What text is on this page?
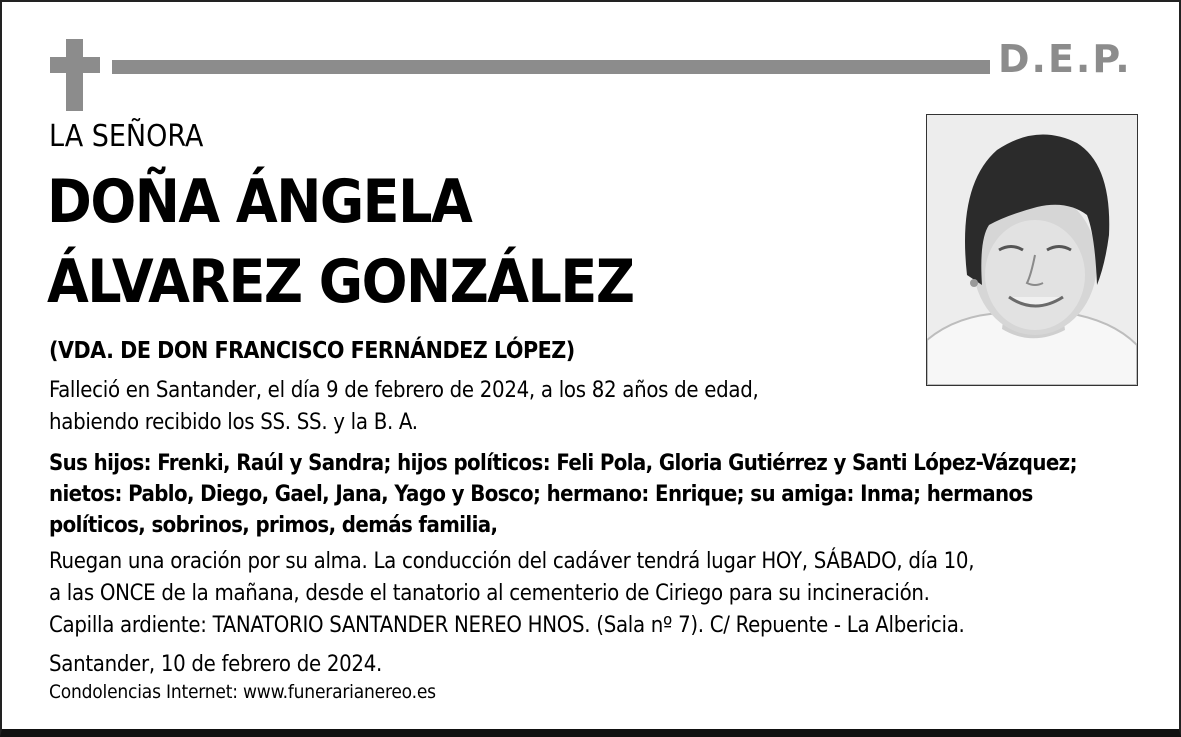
D.E.P.
LA SEÑORA
DOÑA ÁNGELA
ÁLVAREZ GONZÁLEZ
(VDA. DE DON FRANCISCO FERNÁNDEZ LÓPEZ)
Falleció en Santander, el día 9 de febrero de 2024, a los 82 años de edad,
habiendo recibido los SS. SS. y la B. A.
Sus hijos: Frenki, Raúl y Sandra; hijos políticos: Feli Pola, Gloria Gutiérrez y Santi López-Vázquez;
nietos: Pablo, Diego, Gael, Jana, Yago y Bosco; hermano: Enrique; su amiga: Inma; hermanos
políticos, sobrinos, primos, demás familia,
Ruegan una oración por su alma. La conducción del cadáver tendrá lugar HOY, SÁBADO, día 10,
a las ONCE de la mañana, desde el tanatorio al cementerio de Ciriego para su incineración.
Capilla ardiente: TANATORIO SANTANDER NEREO HNOS. (Sala nº 7). C/ Repuente - La Albericia.
Santander, 10 de febrero de 2024.
Condolencias Internet: www.funerarianereo.es
